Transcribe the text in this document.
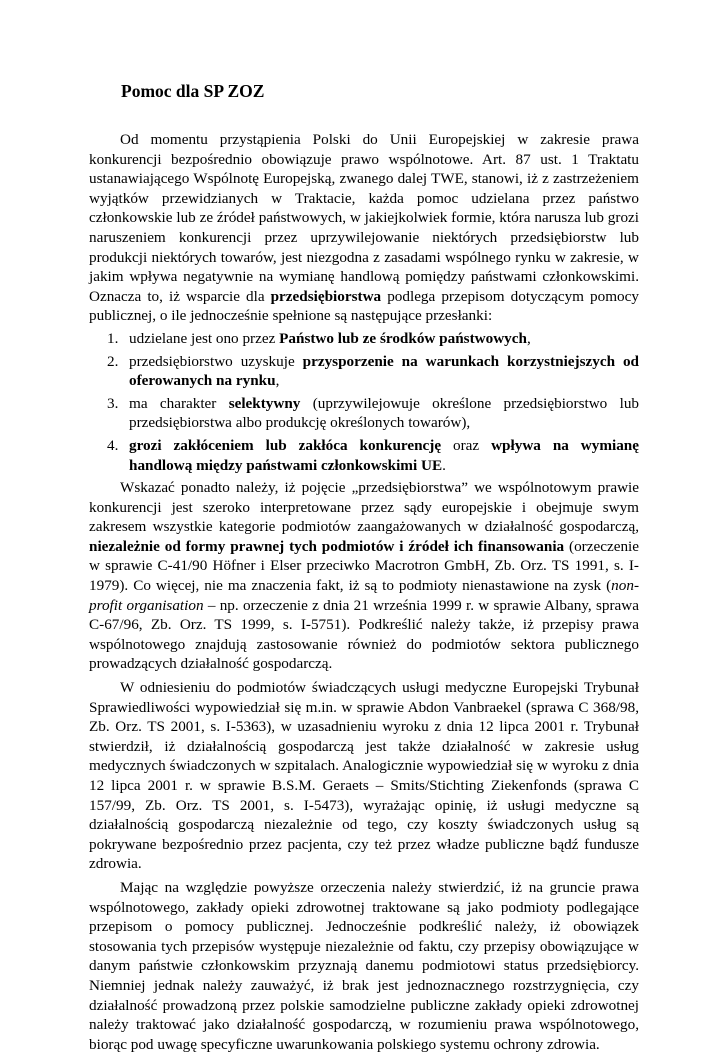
Pomoc dla SP ZOZ

Od momentu przystąpienia Polski do Unii Europejskiej w zakresie prawa konkurencji bezpośrednio obowiązuje prawo wspólnotowe. Art. 87 ust. 1 Traktatu ustanawiającego Wspólnotę Europejską, zwanego dalej TWE, stanowi, iż z zastrzeżeniem wyjątków przewidzianych w Traktacie, każda pomoc udzielana przez państwo członkowskie lub ze źródeł państwowych, w jakiejkolwiek formie, która narusza lub grozi naruszeniem konkurencji przez uprzywilejowanie niektórych przedsiębiorstw lub produkcji niektórych towarów, jest niezgodna z zasadami wspólnego rynku w zakresie, w jakim wpływa negatywnie na wymianę handlową pomiędzy państwami członkowskimi. Oznacza to, iż wsparcie dla przedsiębiorstwa podlega przepisom dotyczącym pomocy publicznej, o ile jednocześnie spełnione są następujące przesłanki:

1. udzielane jest ono przez Państwo lub ze środków państwowych,
2. przedsiębiorstwo uzyskuje przysporzenie na warunkach korzystniejszych od oferowanych na rynku,
3. ma charakter selektywny (uprzywilejowuje określone przedsiębiorstwo lub przedsiębiorstwa albo produkcję określonych towarów),
4. grozi zakłóceniem lub zakłóca konkurencję oraz wpływa na wymianę handlową między państwami członkowskimi UE.

Wskazać ponadto należy, iż pojęcie „przedsiębiorstwa” we wspólnotowym prawie konkurencji jest szeroko interpretowane przez sądy europejskie i obejmuje swym zakresem wszystkie kategorie podmiotów zaangażowanych w działalność gospodarczą, niezależnie od formy prawnej tych podmiotów i źródeł ich finansowania (orzeczenie w sprawie C-41/90 Höfner i Elser przeciwko Macrotron GmbH, Zb. Orz. TS 1991, s. I-1979). Co więcej, nie ma znaczenia fakt, iż są to podmioty nienastawione na zysk (non-profit organisation – np. orzeczenie z dnia 21 września 1999 r. w sprawie Albany, sprawa C-67/96, Zb. Orz. TS 1999, s. I-5751). Podkreślić należy także, iż przepisy prawa wspólnotowego znajdują zastosowanie również do podmiotów sektora publicznego prowadzących działalność gospodarczą.

W odniesieniu do podmiotów świadczących usługi medyczne Europejski Trybunał Sprawiedliwości wypowiedział się m.in. w sprawie Abdon Vanbraekel (sprawa C 368/98, Zb. Orz. TS 2001, s. I-5363), w uzasadnieniu wyroku z dnia 12 lipca 2001 r. Trybunał stwierdził, iż działalnością gospodarczą jest także działalność w zakresie usług medycznych świadczonych w szpitalach. Analogicznie wypowiedział się w wyroku z dnia 12 lipca 2001 r. w sprawie B.S.M. Geraets – Smits/Stichting Ziekenfonds (sprawa C 157/99, Zb. Orz. TS 2001, s. I-5473), wyrażając opinię, iż usługi medyczne są działalnością gospodarczą niezależnie od tego, czy koszty świadczonych usług są pokrywane bezpośrednio przez pacjenta, czy też przez władze publiczne bądź fundusze zdrowia.

Mając na względzie powyższe orzeczenia należy stwierdzić, iż na gruncie prawa wspólnotowego, zakłady opieki zdrowotnej traktowane są jako podmioty podlegające przepisom o pomocy publicznej. Jednocześnie podkreślić należy, iż obowiązek stosowania tych przepisów występuje niezależnie od faktu, czy przepisy obowiązujące w danym państwie członkowskim przyznają danemu podmiotowi status przedsiębiorcy. Niemniej jednak należy zauważyć, iż brak jest jednoznacznego rozstrzygnięcia, czy działalność prowadzoną przez polskie samodzielne publiczne zakłady opieki zdrowotnej należy traktować jako działalność gospodarczą, w rozumieniu prawa wspólnotowego, biorąc pod uwagę specyficzne uwarunkowania polskiego systemu ochrony zdrowia.
